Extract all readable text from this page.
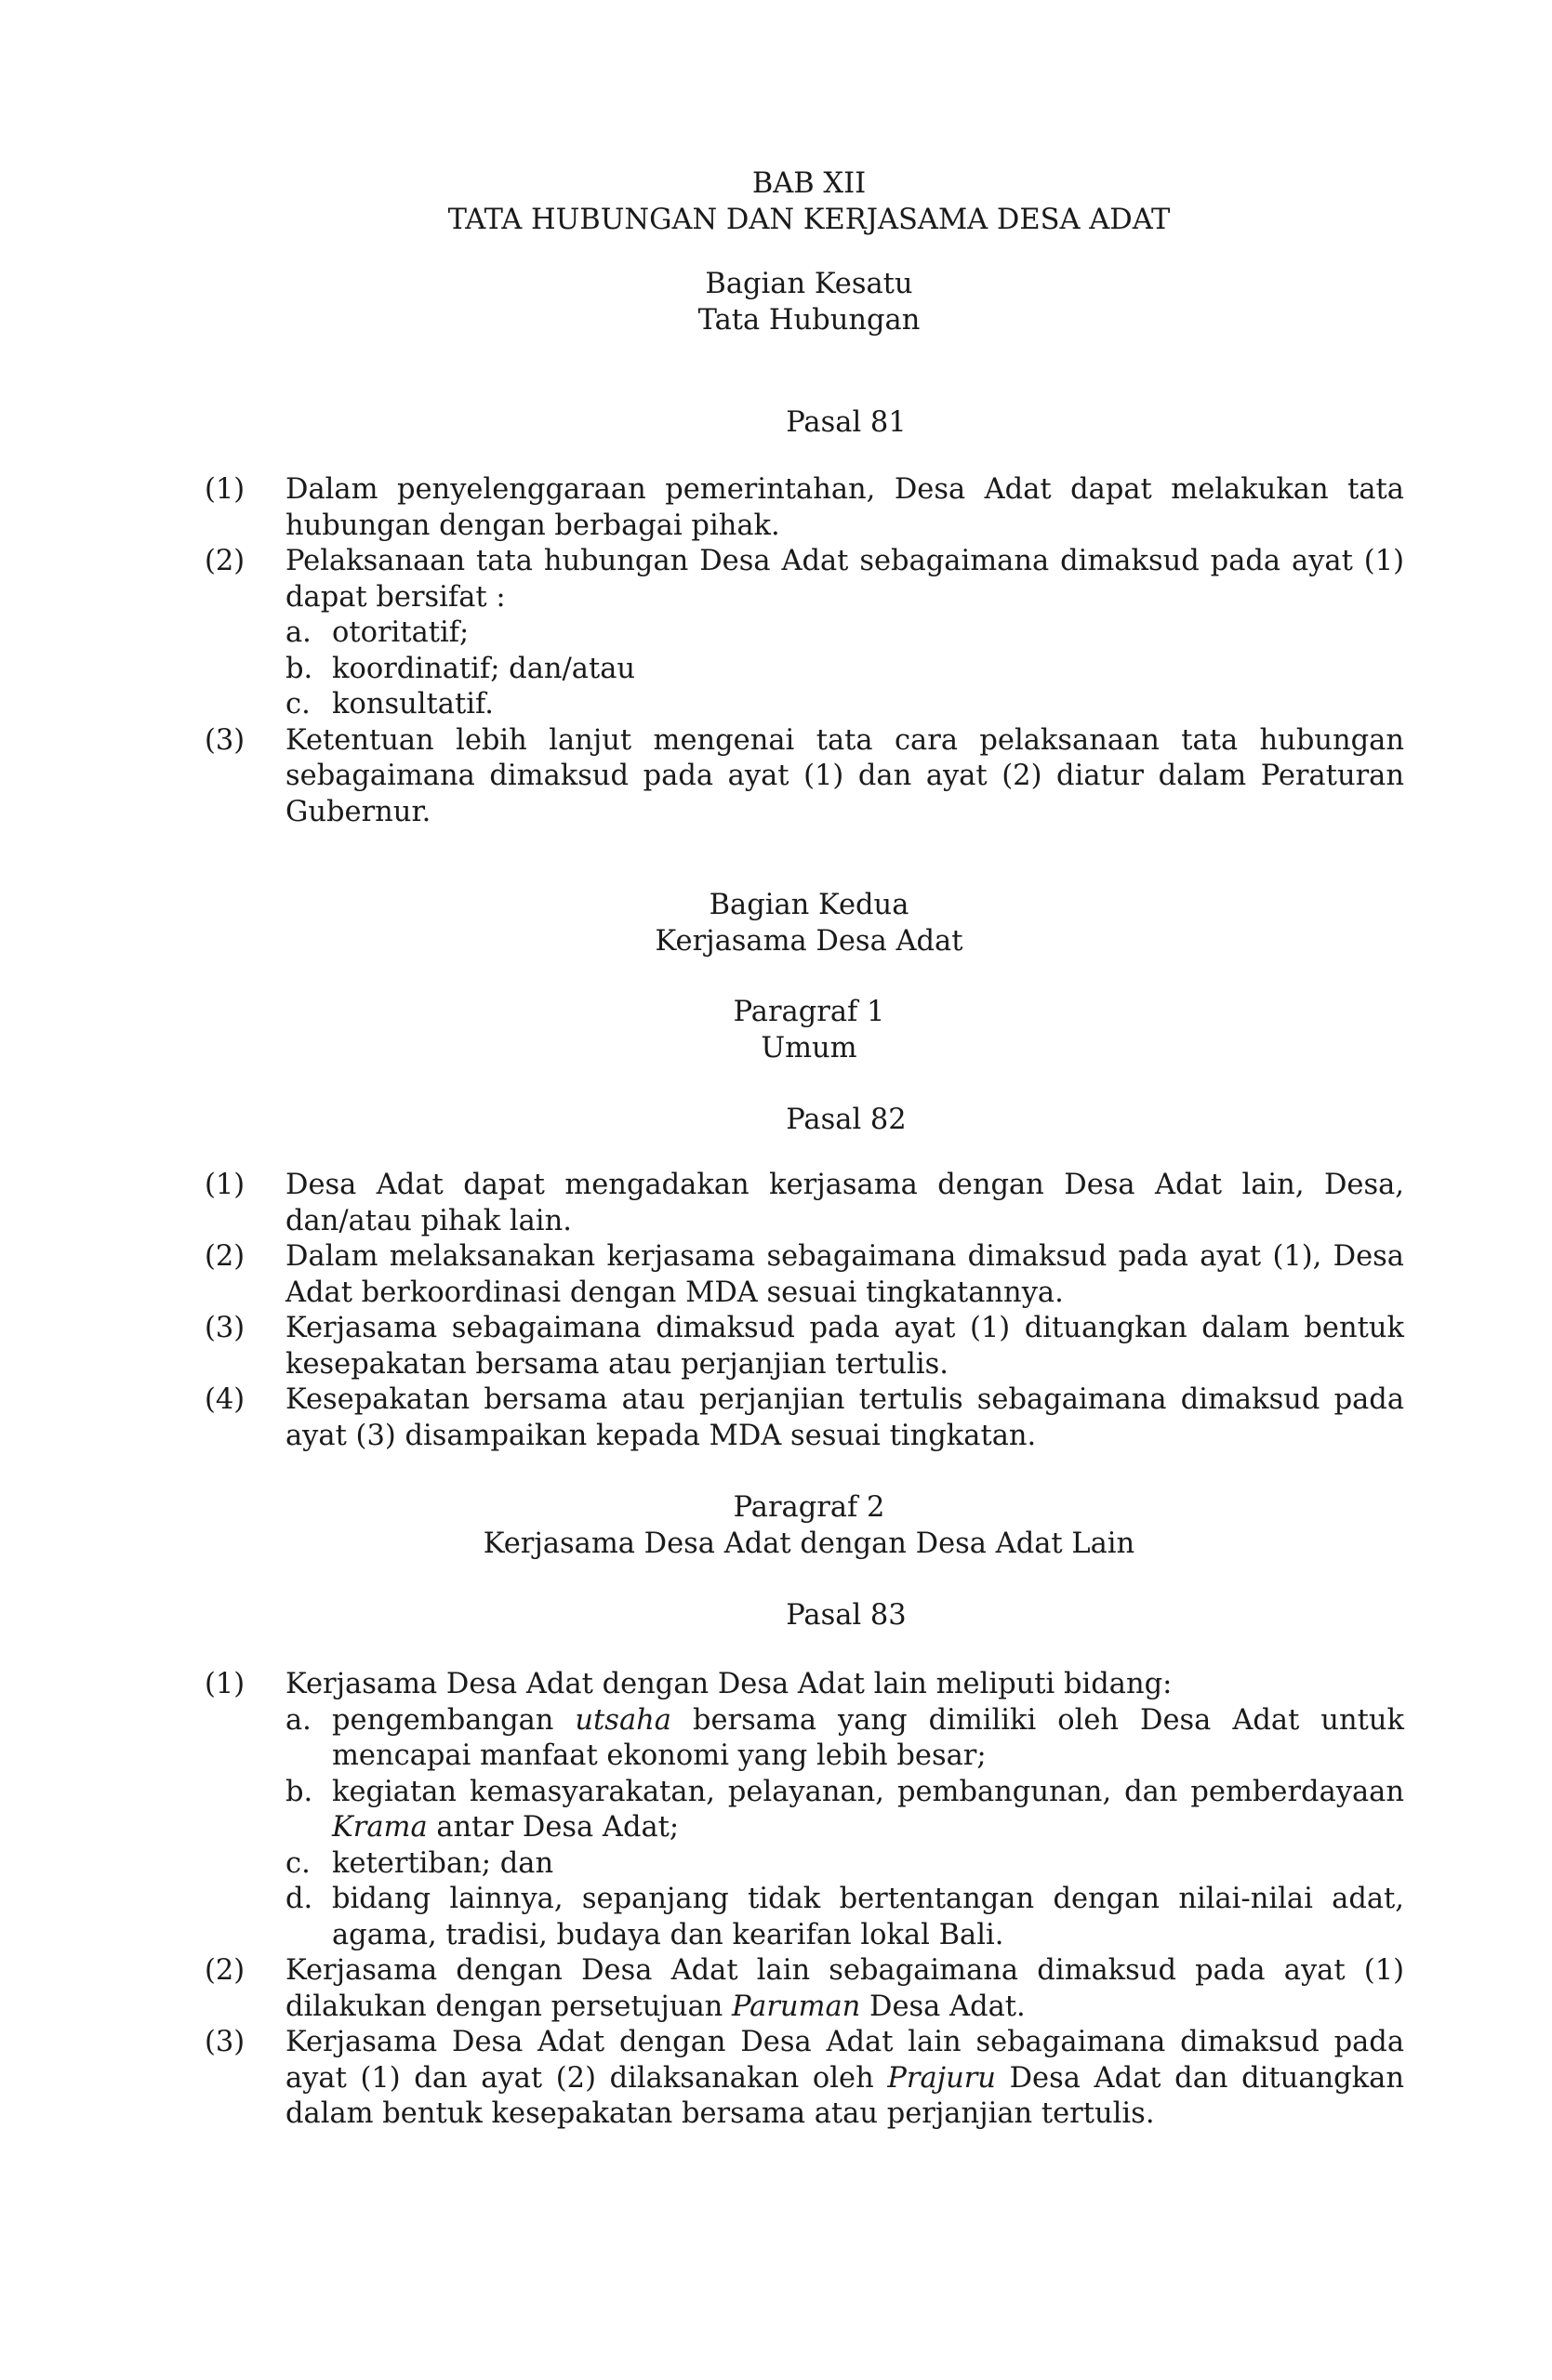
BAB XII
TATA HUBUNGAN DAN KERJASAMA DESA ADAT
Bagian Kesatu
Tata Hubungan
Pasal 81
(1) Dalam penyelenggaraan pemerintahan, Desa Adat dapat melakukan tata hubungan dengan berbagai pihak.
(2) Pelaksanaan tata hubungan Desa Adat sebagaimana dimaksud pada ayat (1) dapat bersifat :
a. otoritatif;
b. koordinatif; dan/atau
c. konsultatif.
(3) Ketentuan lebih lanjut mengenai tata cara pelaksanaan tata hubungan sebagaimana dimaksud pada ayat (1) dan ayat (2) diatur dalam Peraturan Gubernur.
Bagian Kedua
Kerjasama Desa Adat
Paragraf 1
Umum
Pasal 82
(1) Desa Adat dapat mengadakan kerjasama dengan Desa Adat lain, Desa, dan/atau pihak lain.
(2) Dalam melaksanakan kerjasama sebagaimana dimaksud pada ayat (1), Desa Adat berkoordinasi dengan MDA sesuai tingkatannya.
(3) Kerjasama sebagaimana dimaksud pada ayat (1) dituangkan dalam bentuk kesepakatan bersama atau perjanjian tertulis.
(4) Kesepakatan bersama atau perjanjian tertulis sebagaimana dimaksud pada ayat (3) disampaikan kepada MDA sesuai tingkatan.
Paragraf 2
Kerjasama Desa Adat dengan Desa Adat Lain
Pasal 83
(1) Kerjasama Desa Adat dengan Desa Adat lain meliputi bidang:
a. pengembangan utsaha bersama yang dimiliki oleh Desa Adat untuk mencapai manfaat ekonomi yang lebih besar;
b. kegiatan kemasyarakatan, pelayanan, pembangunan, dan pemberdayaan Krama antar Desa Adat;
c. ketertiban; dan
d. bidang lainnya, sepanjang tidak bertentangan dengan nilai-nilai adat, agama, tradisi, budaya dan kearifan lokal Bali.
(2) Kerjasama dengan Desa Adat lain sebagaimana dimaksud pada ayat (1) dilakukan dengan persetujuan Paruman Desa Adat.
(3) Kerjasama Desa Adat dengan Desa Adat lain sebagaimana dimaksud pada ayat (1) dan ayat (2) dilaksanakan oleh Prajuru Desa Adat dan dituangkan dalam bentuk kesepakatan bersama atau perjanjian tertulis.
